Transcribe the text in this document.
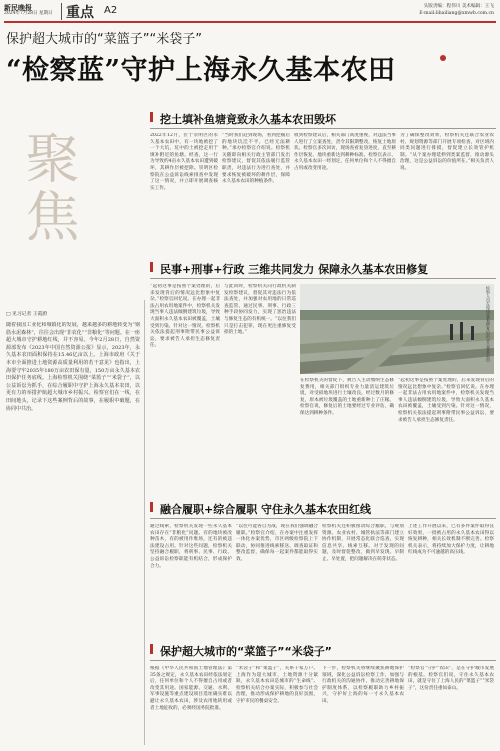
新民晚报
2024年7月28日 星期日 重点 A2	头版责编：程伟川 美术编辑：王飞
E-mail:lihailiang@xmwb.com.cn
保护超大城市的“菜篮子”“米袋子”
“检察蓝”守护上海永久基本农田
挖土填补鱼塘竟致永久基本农田毁坏
聚焦	2022年12月，位于崇明区的永久基本农田中，有一块地被挖了一个大坑，坑中的土被挖走用于填补附近的鱼塘。经查，这一行为导致约4亩永久基本农田遭到破坏，其耕作层被挖除。崇明区检察院在公益诉讼线索排查中发现了这一情况，并立即开展调查核实工作。
“当时我们赶到现场，看到挖掘后的地块坑洼不平，已经无法耕种。”承办检察官介绍说。检察机关随即向相关行政主管部门发出检察建议，督促其依法履行监管职责，对违法行为进行查处，并要求恢复被破坏的耕作层，保障永久基本农田的种植条件。
收到检察建议后，相关部门高度重视，对违法当事人进行了立案查处，责令其限期整改，恢复土地原状。检察官多次回访，现场查看复垦进度，直至耕作层恢复、地块重新达到耕种标准。检察官表示，永久基本农田一经划定，任何单位和个人不得擅自占用或改变用途。
为了确保整改效果，检察机关还联合农业农村、规划资源等部门开展专项检查，对区域内同类问题进行排摸，督促建立长效管护机制。“从个案办理延伸到类案监督，推动源头治理，这是公益诉讼的价值所在。”相关负责人说。
民事+刑事+行政 三维共同发力 保障永久基本农田修复
□ 见习记者 王霞蔚
随着我国工业化和城镇化的发展，越来越多的耕地转变为“钢筋水泥森林”，往往会出现“非农化”“非粮化”等问题。在一座超大城市守护耕地红线，并不容易。今年2月28日，自然资源部发布《2023年中国自然资源公报》显示，2023年，永久基本农田面积保持在15.46亿亩以上。上海市政府《关于本市全面推进土地资源高质量利用的若干意见》也指出，上海要守牢2035年180万亩农田保有量，150万亩永久基本农田保护任务底线。上海检察机关围绕“菜篮子”“米袋子”，以公益诉讼为抓手，在综合履职中守护上海永久基本农田，以更有力的举措护航超大城市乡村振兴。检察官们在一线，在田间地头，记录下这些案例背后的故事，在履职中破题，在协同中共治。
“起初这事是按照个案处理的，后来发现背后的情况远比想象中复杂。”检察官回忆说。在办理一起非法占用农用地案件中，检察机关发现当事人违法倾倒建筑垃圾，导致大面积永久基本农田被覆盖，土壤受到污染。针对这一情况，检察机关依法提起刑事附带民事公益诉讼，要求被告人承担生态修复责任。
与此同时，检察机关向行政机关制发检察建议，督促其对违法行为依法查处，并加强对农用地的日常巡查监管。通过民事、刑事、行政三种手段协同发力，实现了惩治违法与修复生态的有机统一。“以往我们只是打击犯罪，现在更注重修复受损的土地。”	检察人员在现场查看修复后的永久基本农田
在检察机关的督促下，被告人主动缴纳生态修复费用，相关部门组织专业力量清运建筑垃圾，对受损地块进行土壤改良。经过数月的修复，原本被垃圾覆盖的土地重新种上了庄稼。检察官说，修复后的土地要经过专业评估，确保达到耕种条件。
“起初这事是按照个案处理的，后来发现背后的情况远比想象中复杂。”检察官回忆说。在办理一起非法占用农用地案件中，检察机关发现当事人违法倾倒建筑垃圾，导致大面积永久基本农田被覆盖，土壤受到污染。针对这一情况，检察机关依法提起刑事附带民事公益诉讼，要求被告人承担生态修复责任。
融合履职+综合履职 守住永久基本农田红线
通过线索，检察机关发现一些永久基本农田存在“非粮化”问题。有的地块被改种苗木，有的被用作堆场，还有的被违法建设占用。针对这些问题，检察机关坚持融合履职，将刑事、民事、行政、公益诉讼检察职能有机结合，形成保护合力。
“以往可能各自为战，现在我们强调融合履职。”检察官介绍，在办案中注重发挥一体化办案优势，市区两级检察院上下联动，协同推进线索移送、调查取证和整改监督，确保每一起案件都能取得实效。
检察机关还积极推动综合履职，与规划资源、农业农村、城管执法等部门建立协作机制，开展常态化联合巡查，实现信息共享、线索互移。对于发现的问题，及时督促整改，做到早发现、早制止、早处置，把问题解决在萌芽状态。
上述工作开展以来，已有多件案件取得良好效果，一批被占用的永久基本农田得以恢复耕种，相关长效机制不断完善。检察机关表示，将持续加大保护力度，让耕地红线成为不可逾越的高压线。
保护超大城市的“菜篮子”“米袋子”
根据《中华人民共和国土地管理法》第35条之规定，永久基本农田经依法划定后，任何单位和个人不得擅自占用或者改变其用途。国家能源、交通、水利、军事设施等重点建设项目选址确实难以避让永久基本农田，涉及农用地转用或者土地征收的，必须经国务院批准。
“米袋子”和“菜篮子”，关系千家万户。上海作为超大城市，土地资源十分紧缺，永久基本农田是城市的“生命线”。检察机关结合办案实际，积极参与社会治理，推动形成保护耕地的良好氛围，守护市民的餐桌安全。
下一步，检察机关将继续聚焦耕地保护领域，深化公益诉讼检察工作，加强与行政机关的沟通协作，推动完善耕地保护制度体系，以检察履职助力乡村振兴，守护好上海的每一寸永久基本农田。
“检察官”守护“农田”，是在守护城市发展的根基。检察官们说，守住永久基本农田，就是守住了上海人民的“菜篮子”“米袋子”，这份责任重如泰山。
